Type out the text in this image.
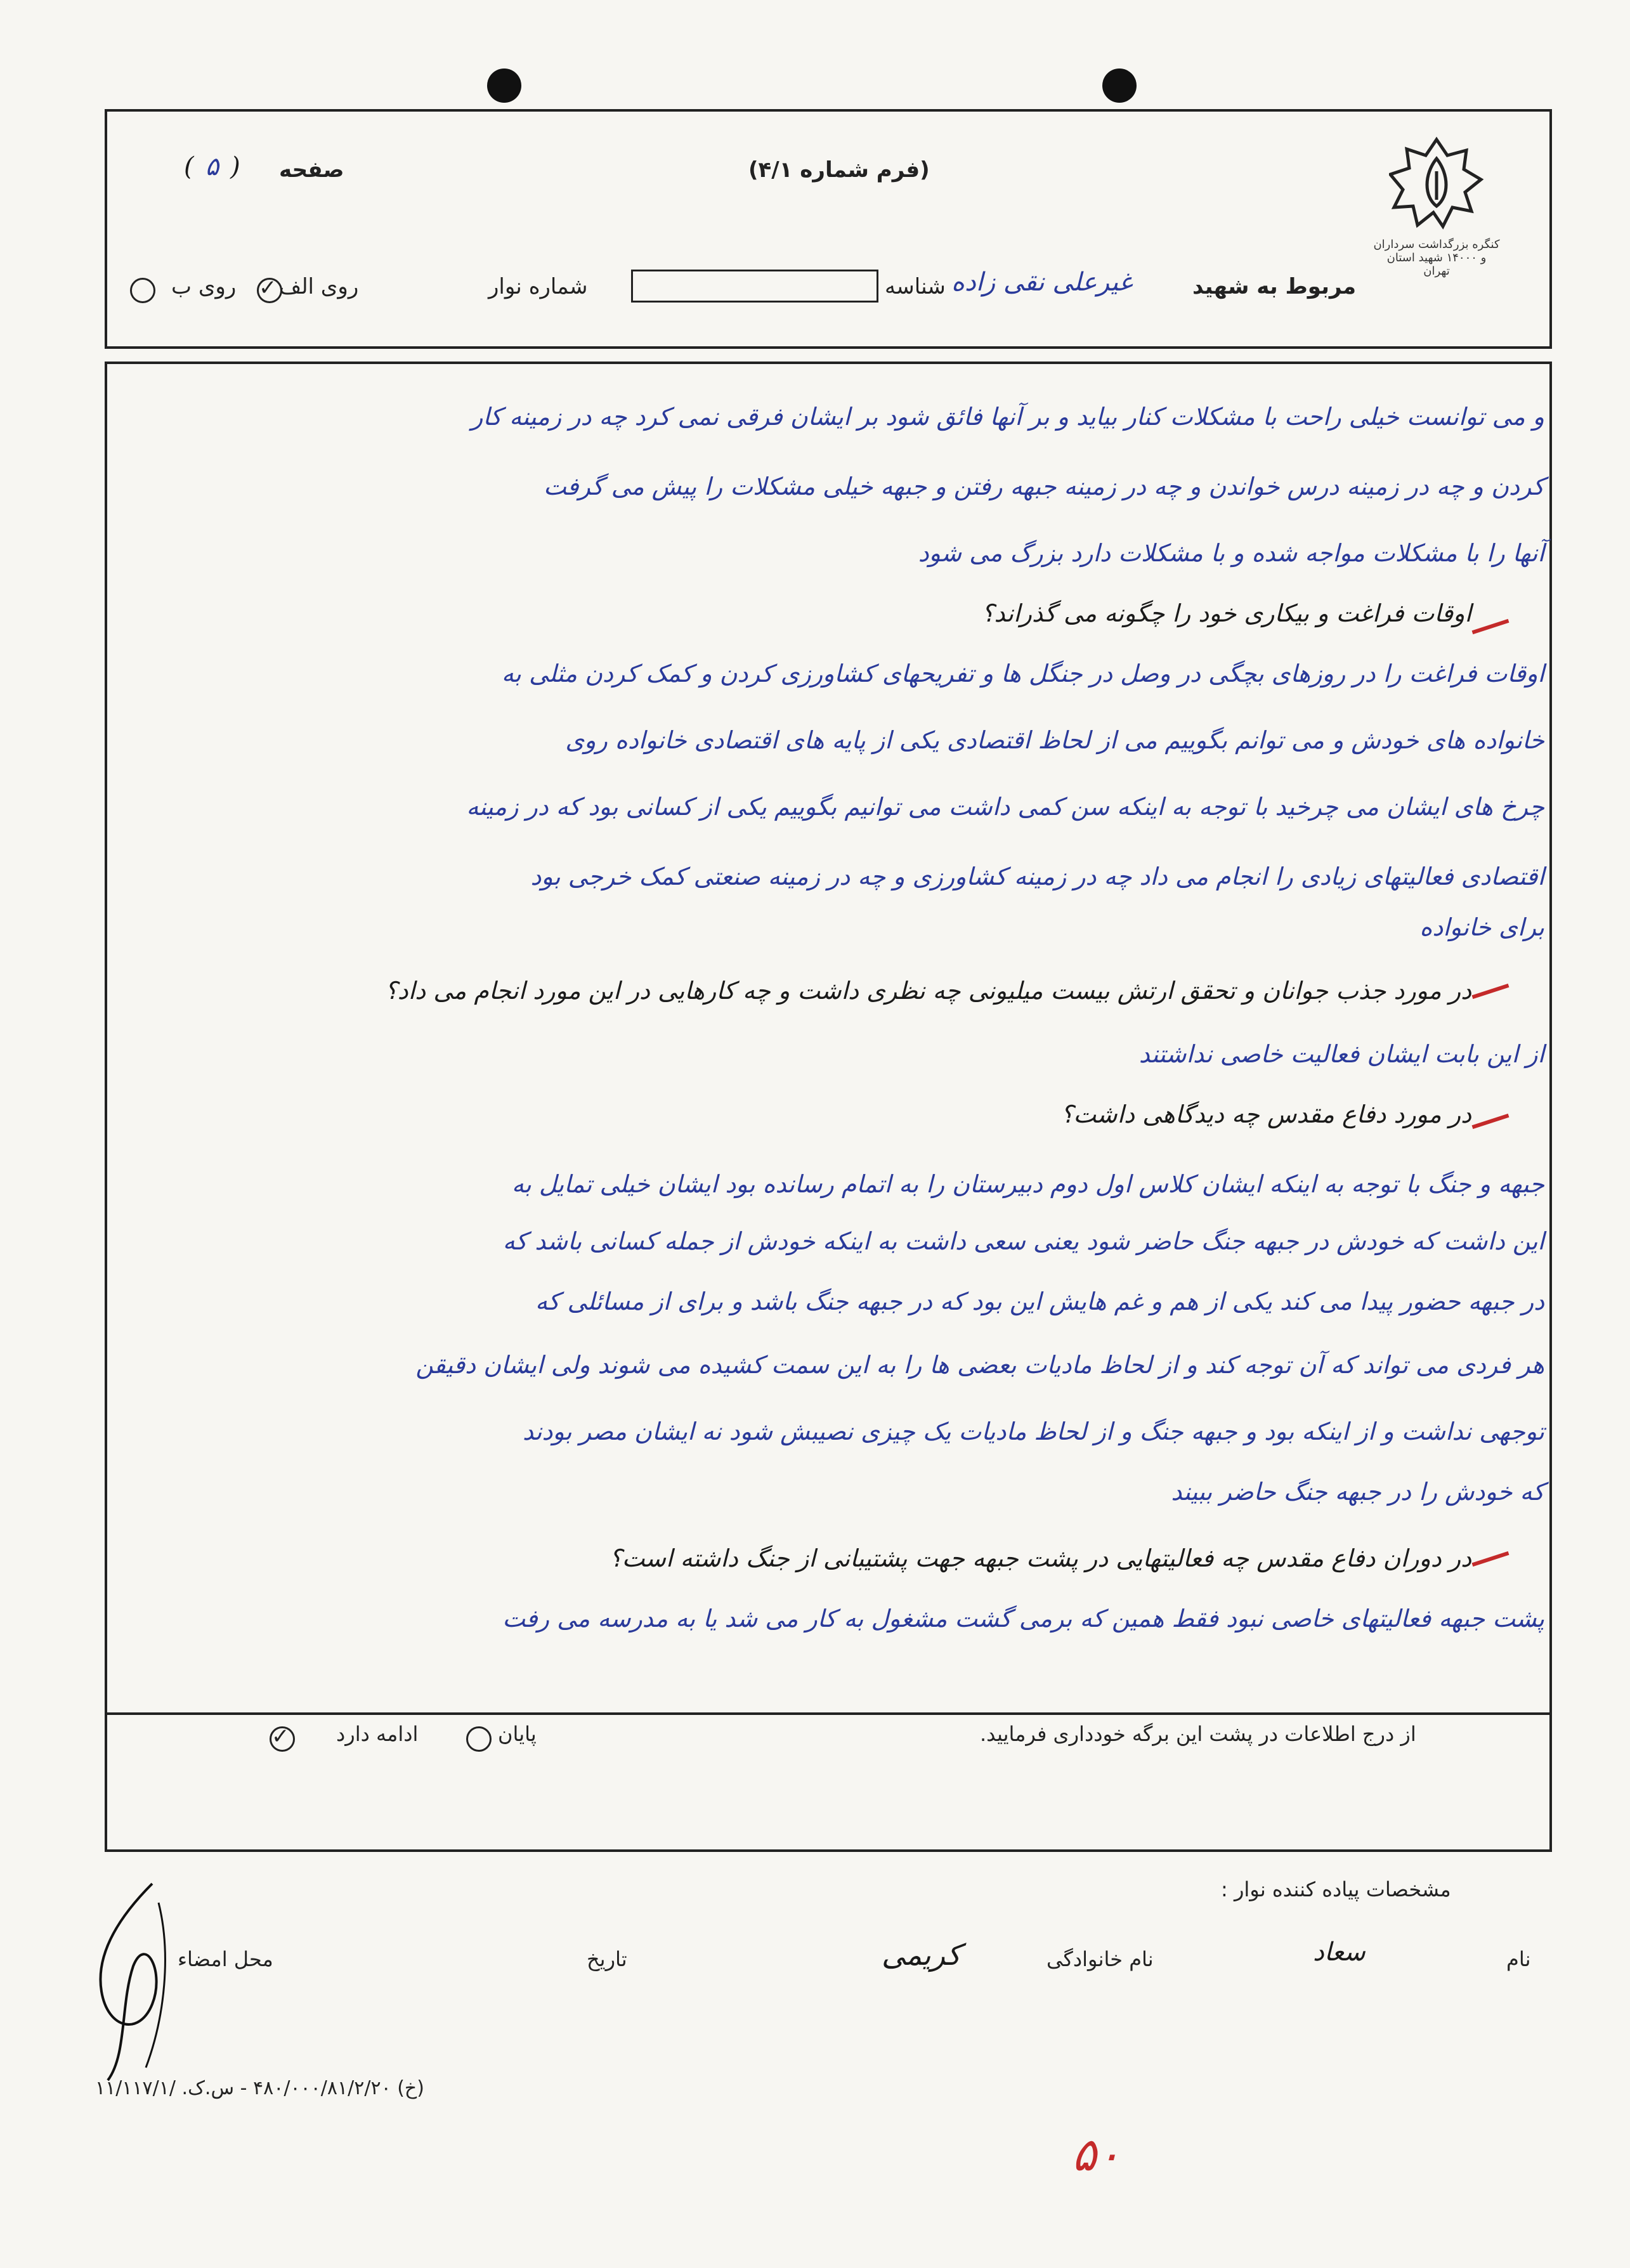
کنگره بزرگداشت سرداران و ۱۴۰۰۰ شهید استان تهران
صفحه
(۵)	(فرم شماره ۴/۱)
مربوط به شهید
غیرعلی نقی زاده
شناسه
شماره نوار
روی الف
✓
روی ب
و می توانست خیلی راحت با مشکلات کنار بیاید و بر آنها فائق شود بر ایشان فرقی نمی کرد چه در زمینه کار
کردن و چه در زمینه درس خواندن و چه در زمینه جبهه رفتن و جبهه خیلی مشکلات را پیش می گرفت
آنها را با مشکلات مواجه شده و با مشکلات دارد بزرگ می شود
اوقات فراغت و بیکاری خود را چگونه می گذراند؟
اوقات فراغت را در روزهای بچگی در وصل در جنگل ها و تفریحهای کشاورزی کردن و کمک کردن مثلی به
خانواده های خودش و می توانم بگوییم می از لحاظ اقتصادی یکی از پایه های اقتصادی خانواده روی
چرخ های ایشان می چرخید با توجه به اینکه سن کمی داشت می توانیم بگوییم یکی از کسانی بود که در زمینه
اقتصادی فعالیتهای زیادی را انجام می داد چه در زمینه کشاورزی و چه در زمینه صنعتی کمک خرجی بود
برای خانواده
در مورد جذب جوانان و تحقق ارتش بیست میلیونی چه نظری داشت و چه کارهایی در این مورد انجام می داد؟
از این بابت ایشان فعالیت خاصی نداشتند
در مورد دفاع مقدس چه دیدگاهی داشت؟
جبهه و جنگ با توجه به اینکه ایشان کلاس اول دوم دبیرستان را به اتمام رسانده بود ایشان خیلی تمایل به
این داشت که خودش در جبهه جنگ حاضر شود یعنی سعی داشت به اینکه خودش از جمله کسانی باشد که
در جبهه حضور پیدا می کند یکی از هم و غم هایش این بود که در جبهه جنگ باشد و برای از مسائلی که
هر فردی می تواند که آن توجه کند و از لحاظ مادیات بعضی ها را به این سمت کشیده می شوند ولی ایشان دقیقن
توجهی نداشت و از اینکه بود و جبهه جنگ و از لحاظ مادیات یک چیزی نصیبش شود نه ایشان مصر بودند
که خودش را در جبهه جنگ حاضر ببیند
در دوران دفاع مقدس چه فعالیتهایی در پشت جبهه جهت پشتیبانی از جنگ داشته است؟
پشت جبهه فعالیتهای خاصی نبود فقط همین که برمی گشت مشغول به کار می شد یا به مدرسه می رفت
از درج اطلاعات در پشت این برگه خودداری فرمایید.
پایان
ادامه دارد
✓
مشخصات پیاده کننده نوار :
نام
سعاد
نام خانوادگی
کریمی
تاریخ
محل امضاء
(خ) ۴۸۰/۰۰۰/۸۱/۲/۲۰ - س.ک. /۱۱/۱۱۷/۱
۵۰
